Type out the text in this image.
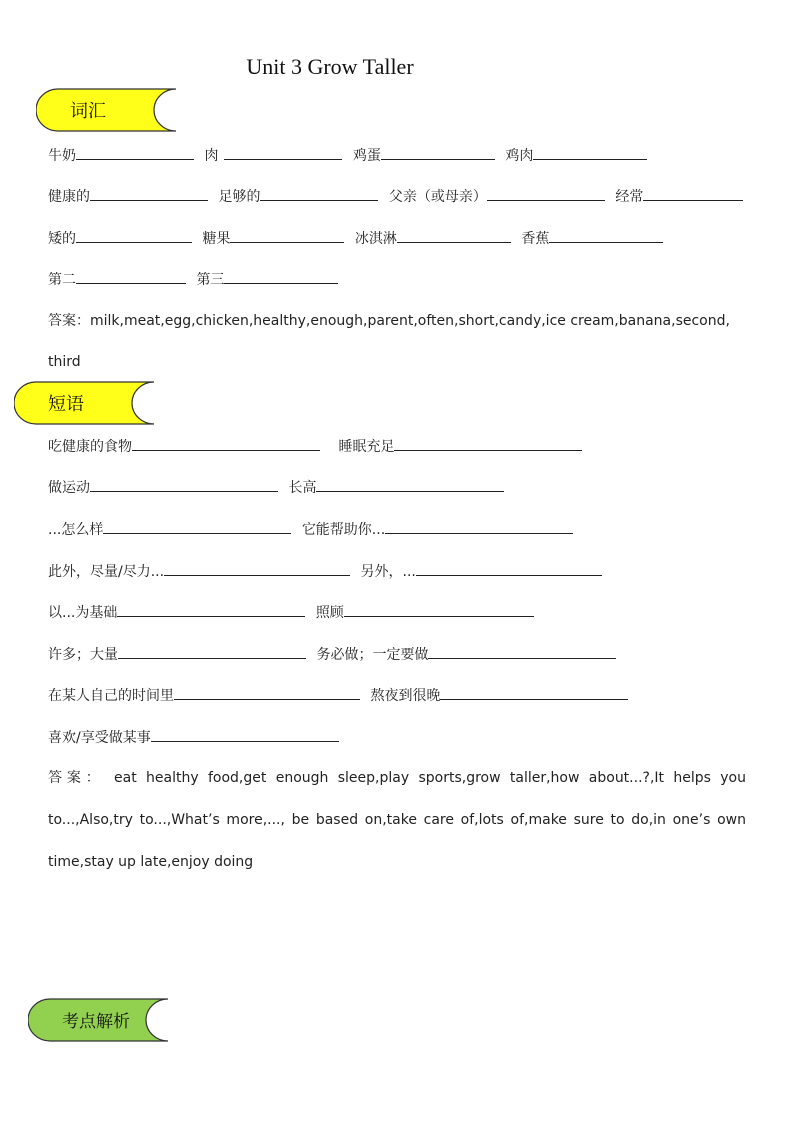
Unit 3 Grow Taller
词汇
牛奶	肉	鸡蛋	鸡肉
健康的	足够的	父亲（或母亲）	经常
矮的	糖果	冰淇淋	香蕉
第二	第三
答案：milk,meat,egg,chicken,healthy,enough,parent,often,short,candy,ice cream,banana,second,
third
短语
吃健康的食物	睡眠充足
做运动	长高
...怎么样	它能帮助你...
此外，尽量/尽力...	另外，...
以...为基础	照顾
许多；大量	务必做；一定要做
在某人自己的时间里	熬夜到很晚
喜欢/享受做某事
答案： eat healthy food,get enough sleep,play sports,grow taller,how about...?,It helps you
to...,Also,try to...,What’s more,..., be based on,take care of,lots of,make sure to do,in one’s own
time,stay up late,enjoy doing
考点解析
